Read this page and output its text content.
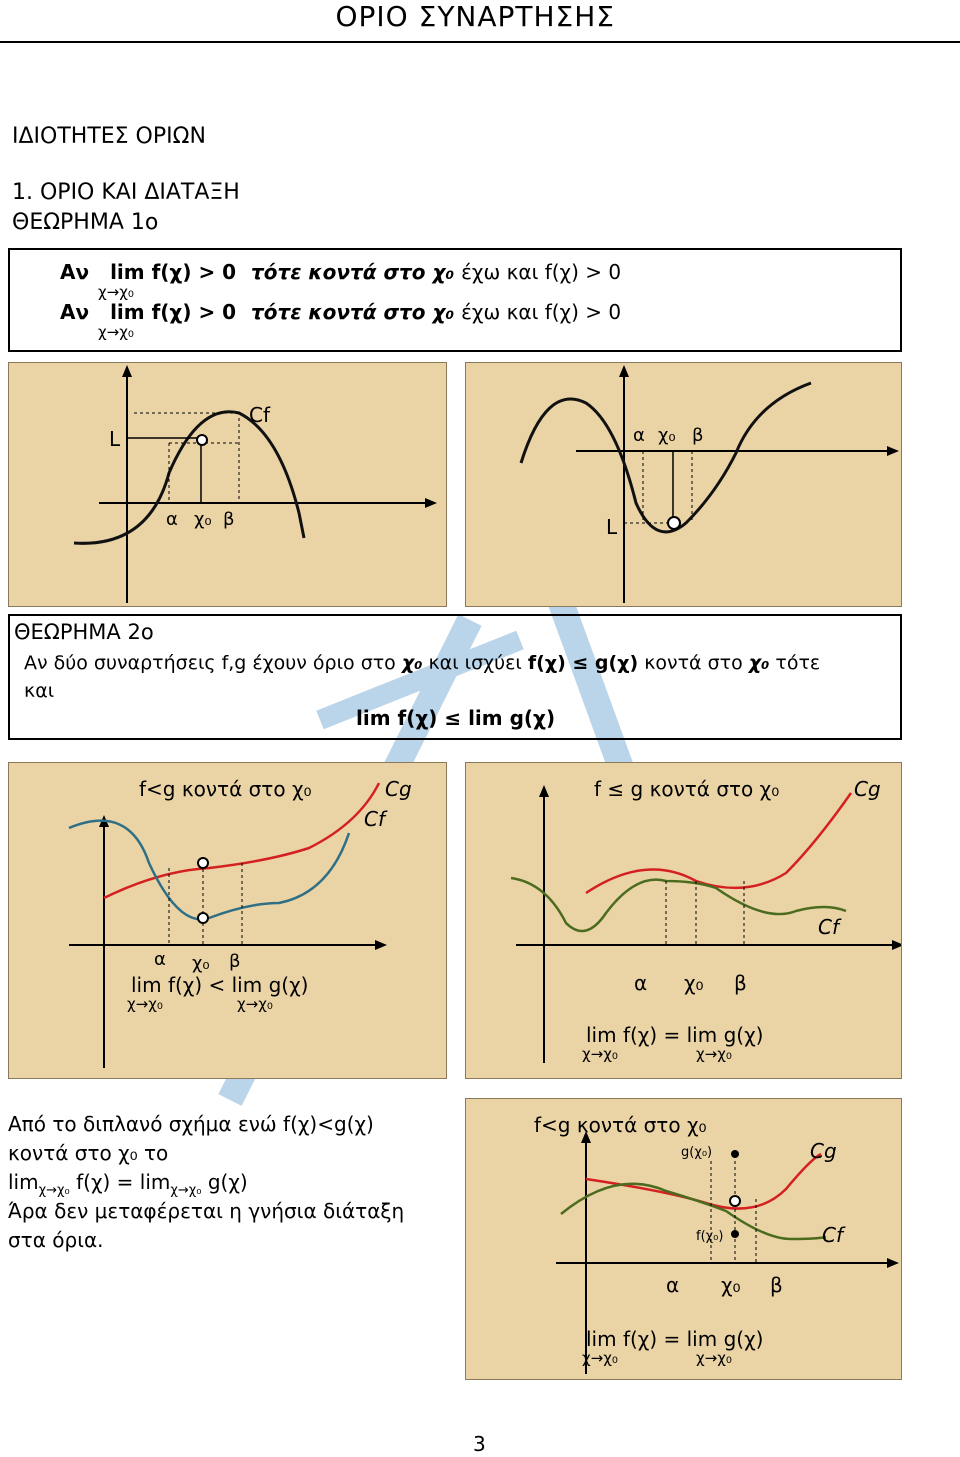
ΟΡΙΟ ΣΥΝΑΡΤΗΣΗΣ
ΙΔΙΟΤΗΤΕΣ ΟΡΙΩΝ
1. ΟΡΙΟ ΚΑΙ ΔΙΑΤΑΞΗ
ΘΕΩΡΗΜΑ 1ο
Αν lim f(χ) > 0 τότε κοντά στο χ₀ έχω και f(χ) > 0
χ→χ₀
Αν lim f(χ) > 0 τότε κοντά στο χ₀ έχω και f(χ) > 0
χ→χ₀
L
Cf
α χ₀ β	L
α χ₀ β
ΘΕΩΡΗΜΑ 2ο
Αν δύο συναρτήσεις f,g έχουν όριο στο χ₀ και ισχύει f(χ) ≤ g(χ) κοντά στο χ₀ τότε
και
lim f(χ) ≤ lim g(χ)
f<g κοντά στο χ₀	Cg
Cf
α χ₀ β
lim f(χ) < lim g(χ)
χ→χ₀	χ→χ₀
f ≤ g κοντά στο χ₀	Cg
Cf
α χ₀ β
lim f(χ) = lim g(χ)
χ→χ₀	χ→χ₀
Από το διπλανό σχήμα ενώ f(χ)<g(χ)
κοντά στο χ₀ το
$\lim_{\chi\to\chi_0} f(\chi) = \lim_{\chi\to\chi_0} g(\chi)$
Άρα δεν μεταφέρεται η γνήσια διάταξη
στα όρια.
f<g κοντά στο χ₀
g(χ₀)
f(χ₀)
Cg
Cf
α χ₀ β
lim f(χ) = lim g(χ)
χ→χ₀	χ→χ₀
3
